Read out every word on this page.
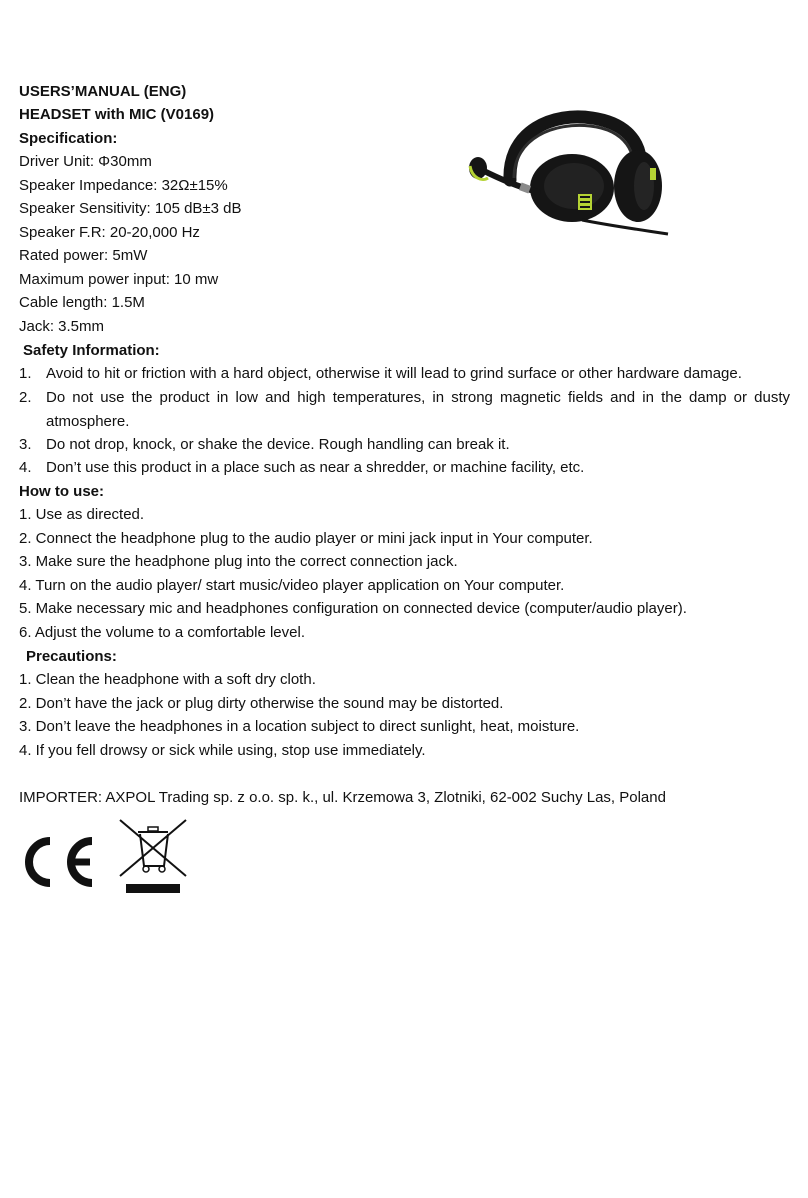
USERS’MANUAL (ENG)
HEADSET with MIC (V0169)
Specification:
Driver Unit: Φ30mm
Speaker Impedance: 32Ω±15%
Speaker Sensitivity: 105 dB±3 dB
Speaker F.R: 20-20,000 Hz
Rated power: 5mW
Maximum power input: 10 mw
Cable length: 1.5M
Jack: 3.5mm
Safety Information:
1. Avoid to hit or friction with a hard object, otherwise it will lead to grind surface or other hardware damage.
2. Do not use the product in low and high temperatures, in strong magnetic fields and in the damp or dusty atmosphere.
3. Do not drop, knock, or shake the device. Rough handling can break it.
4. Don’t use this product in a place such as near a shredder, or machine facility, etc.
How to use:
1. Use as directed.
2. Connect the headphone plug to the audio player or mini jack input in Your computer.
3. Make sure the headphone plug into the correct connection jack.
4. Turn on the audio player/ start music/video player application on Your computer.
5. Make necessary mic and headphones configuration on connected device (computer/audio player).
6. Adjust the volume to a comfortable level.
Precautions:
1. Clean the headphone with a soft dry cloth.
2. Don’t have the jack or plug dirty otherwise the sound may be distorted.
3. Don’t leave the headphones in a location subject to direct sunlight, heat, moisture.
4. If you fell drowsy or sick while using, stop use immediately.
IMPORTER: AXPOL Trading sp. z o.o. sp. k., ul. Krzemowa 3, Zlotniki, 62-002 Suchy Las, Poland
